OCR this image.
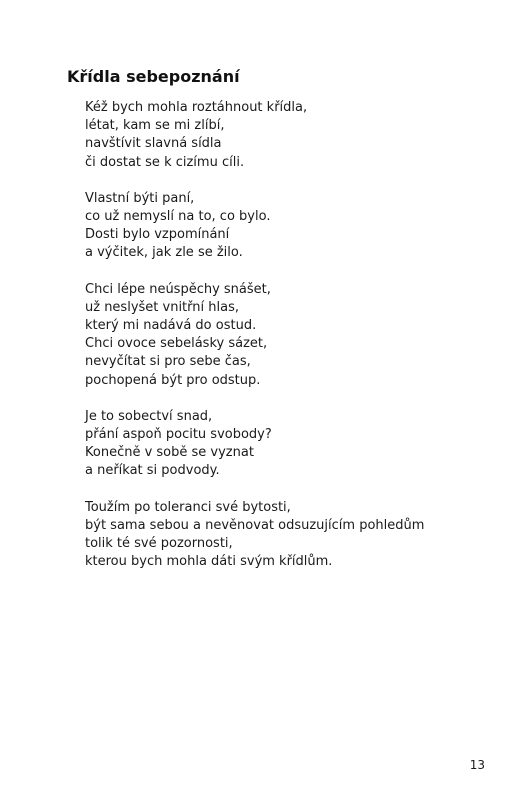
Křídla sebepoznání
Kéž bych mohla roztáhnout křídla,
létat, kam se mi zlíbí,
navštívit slavná sídla
či dostat se k cizímu cíli.
Vlastní býti paní,
co už nemyslí na to, co bylo.
Dosti bylo vzpomínání
a výčitek, jak zle se žilo.
Chci lépe neúspěchy snášet,
už neslyšet vnitřní hlas,
který mi nadává do ostud.
Chci ovoce sebelásky sázet,
nevyčítat si pro sebe čas,
pochopená být pro odstup.
Je to sobectví snad,
přání aspoň pocitu svobody?
Konečně v sobě se vyznat
a neříkat si podvody.
Toužím po toleranci své bytosti,
být sama sebou a nevěnovat odsuzujícím pohledům
tolik té své pozornosti,
kterou bych mohla dáti svým křídlům.
13
